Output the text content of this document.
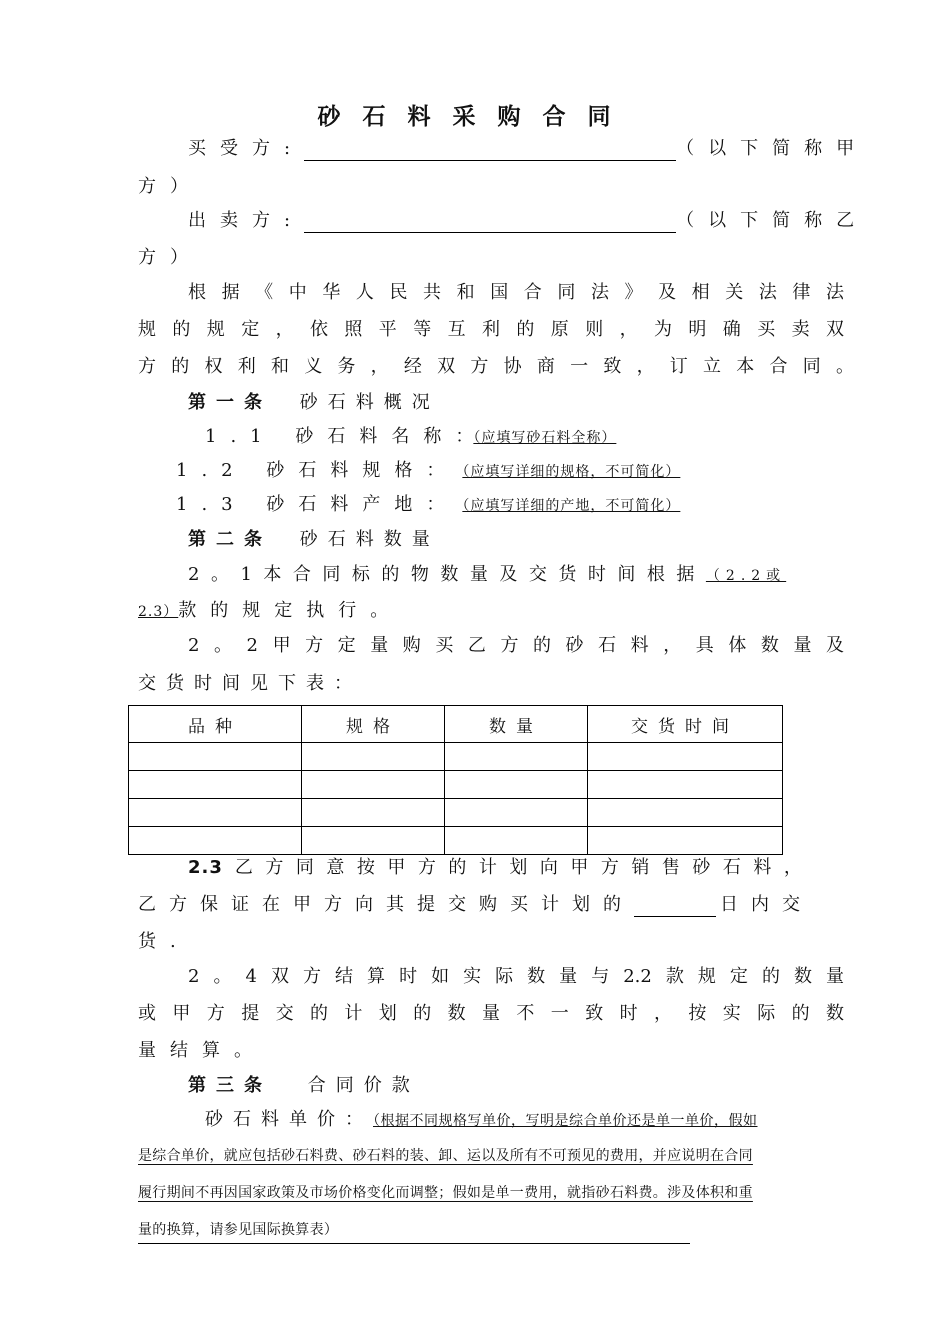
砂石料采购合同
买受方:	（以下简称甲
方）
出卖方:	（以下简称乙
方）
根据《中华人民共和国合同法》及相关法律法
规的规定，依照平等互利的原则，为明确买卖双
方的权利和义务，经双方协商一致，订立本合同。
第一条 砂石料概况
1.1 砂石料名称：（应填写砂石料全称）
1.2 砂石料规格： （应填写详细的规格，不可简化）
1.3 砂石料产地： （应填写详细的产地，不可简化）
第二条 砂石料数量
2。1本合同标的物数量及交货时间根据（2.2或
2.3）款的规定执行。
2。2甲方定量购买乙方的砂石料，具体数量及
交货时间见下表：
品种	规格	数量	交货时间

2.3 乙方同意按甲方的计划向甲方销售砂石料，
乙方保证在甲方向其提交购买计划的	日内交
货.
2。4双方结算时如实际数量与2.2款规定的数量
或甲方提交的计划的数量不一致时，按实际的数
量结算。
第三条 合同价款
砂石料单价：（根据不同规格写单价，写明是综合单价还是单一单价，假如
是综合单价，就应包括砂石料费、砂石料的装、卸、运以及所有不可预见的费用，并应说明在合同
履行期间不再因国家政策及市场价格变化而调整；假如是单一费用，就指砂石料费。涉及体积和重
量的换算，请参见国际换算表）
